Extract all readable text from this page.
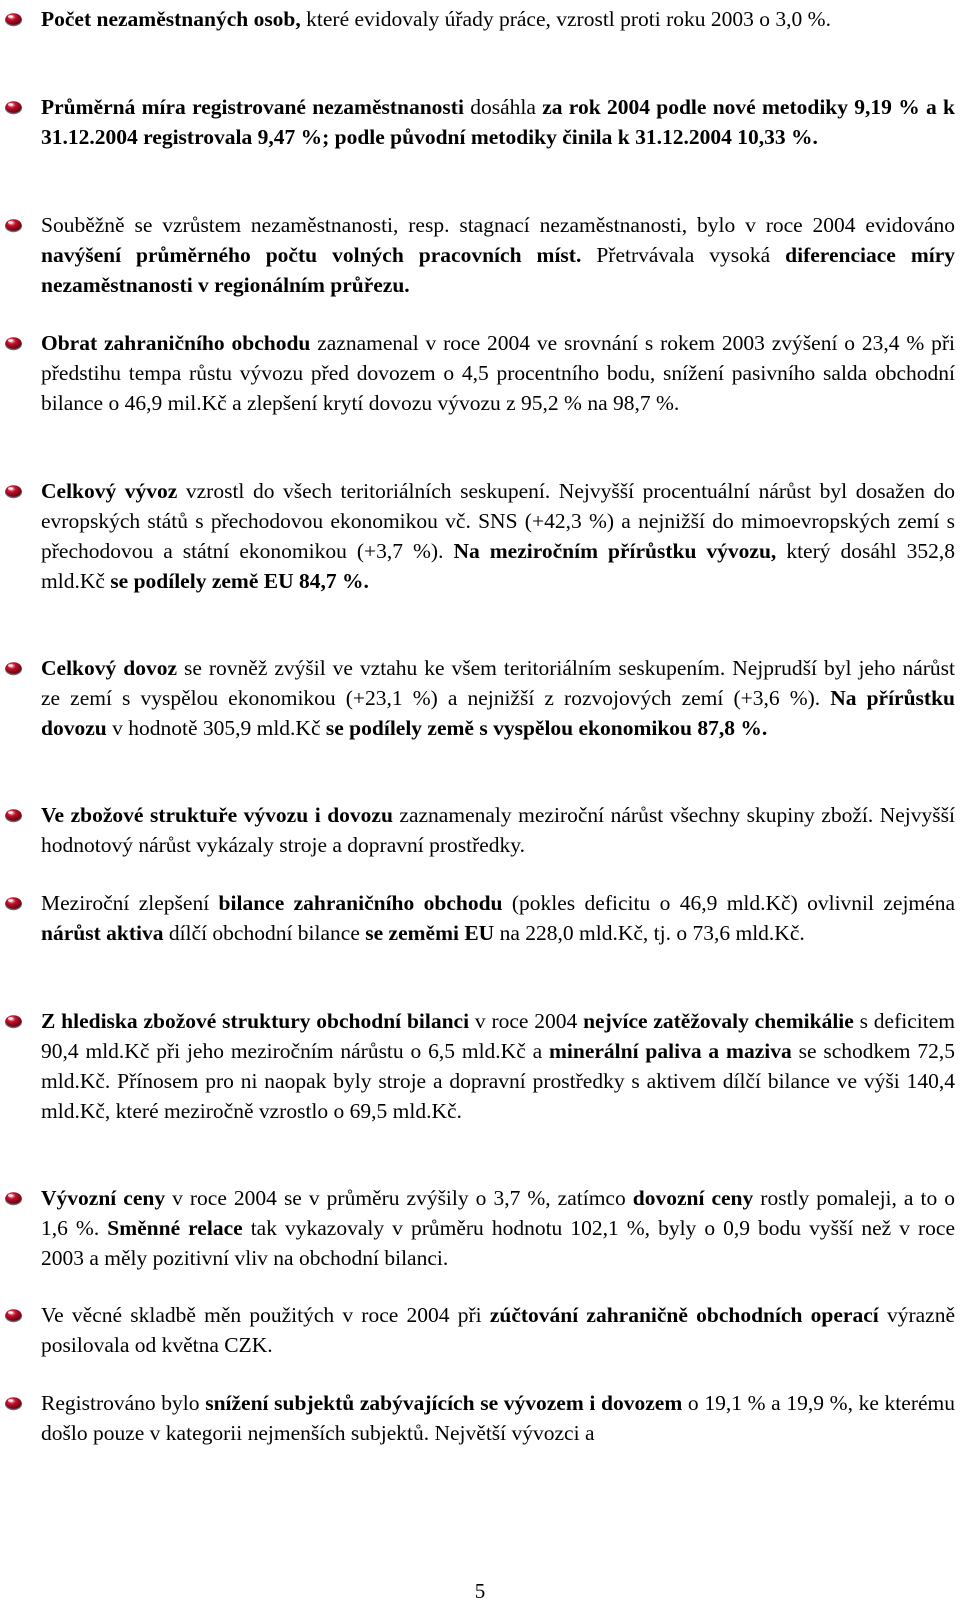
Počet nezaměstnaných osob, které evidovaly úřady práce, vzrostl proti roku 2003 o 3,0 %.

Průměrná míra registrované nezaměstnanosti dosáhla za rok 2004 podle nové metodiky 9,19 % a k 31.12.2004 registrovala 9,47 %; podle původní metodiky činila k 31.12.2004 10,33 %.

Souběžně se vzrůstem nezaměstnanosti, resp. stagnací nezaměstnanosti, bylo v roce 2004 evidováno navýšení průměrného počtu volných pracovních míst. Přetrvávala vysoká diferenciace míry nezaměstnanosti v regionálním průřezu.

Obrat zahraničního obchodu zaznamenal v roce 2004 ve srovnání s rokem 2003 zvýšení o 23,4 % při předstihu tempa růstu vývozu před dovozem o 4,5 procentního bodu, snížení pasivního salda obchodní bilance o 46,9 mil.Kč a zlepšení krytí dovozu vývozu z 95,2 % na 98,7 %.

Celkový vývoz vzrostl do všech teritoriálních seskupení. Nejvyšší procentuální nárůst byl dosažen do evropských států s přechodovou ekonomikou vč. SNS (+42,3 %) a nejnižší do mimoevropských zemí s přechodovou a státní ekonomikou (+3,7 %). Na meziročním přírůstku vývozu, který dosáhl 352,8 mld.Kč se podílely země EU 84,7 %.

Celkový dovoz se rovněž zvýšil ve vztahu ke všem teritoriálním seskupením. Nejprudší byl jeho nárůst ze zemí s vyspělou ekonomikou (+23,1 %) a nejnižší z rozvojových zemí (+3,6 %). Na přírůstku dovozu v hodnotě 305,9 mld.Kč se podílely země s vyspělou ekonomikou 87,8 %.

Ve zbožové struktuře vývozu i dovozu zaznamenaly meziroční nárůst všechny skupiny zboží. Nejvyšší hodnotový nárůst vykázaly stroje a dopravní prostředky.

Meziroční zlepšení bilance zahraničního obchodu (pokles deficitu o 46,9 mld.Kč) ovlivnil zejména nárůst aktiva dílčí obchodní bilance se zeměmi EU na 228,0 mld.Kč, tj. o 73,6 mld.Kč.

Z hlediska zbožové struktury obchodní bilanci v roce 2004 nejvíce zatěžovaly chemikálie s deficitem 90,4 mld.Kč při jeho meziročním nárůstu o 6,5 mld.Kč a minerální paliva a maziva se schodkem 72,5 mld.Kč. Přínosem pro ni naopak byly stroje a dopravní prostředky s aktivem dílčí bilance ve výši 140,4 mld.Kč, které meziročně vzrostlo o 69,5 mld.Kč.

Vývozní ceny v roce 2004 se v průměru zvýšily o 3,7 %, zatímco dovozní ceny rostly pomaleji, a to o 1,6 %. Směnné relace tak vykazovaly v průměru hodnotu 102,1 %, byly o 0,9 bodu vyšší než v roce 2003 a měly pozitivní vliv na obchodní bilanci.

Ve věcné skladbě měn použitých v roce 2004 při zúčtování zahraničně obchodních operací výrazně posilovala od května CZK.

Registrováno bylo snížení subjektů zabývajících se vývozem i dovozem o 19,1 % a 19,9 %, ke kterému došlo pouze v kategorii nejmenších subjektů. Největší vývozci a

5
